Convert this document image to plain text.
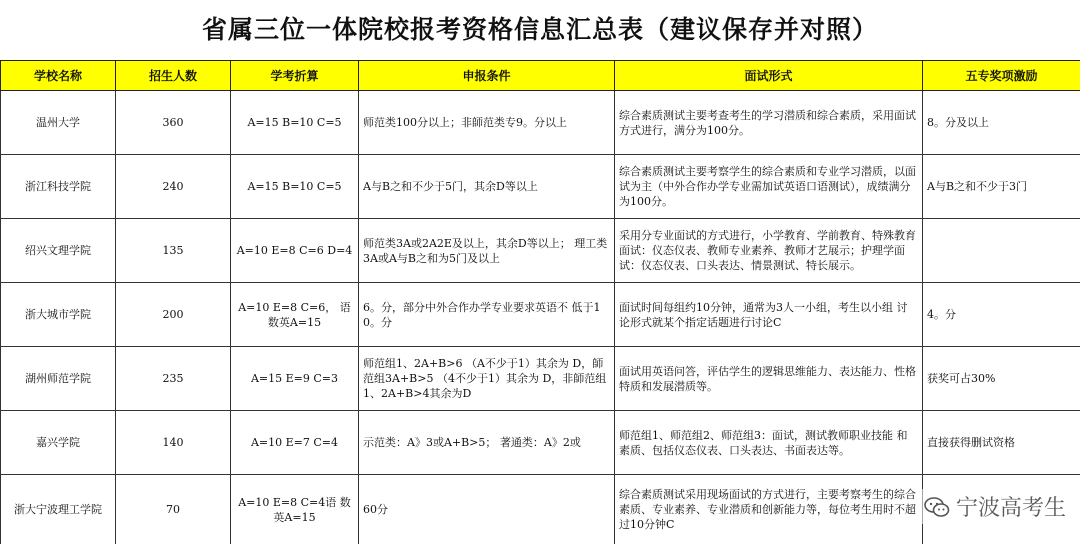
省属三位一体院校报考资格信息汇总表（建议保存并对照）
学校名称	招生人数	学考折算	申报条件	面试形式	五专奖项激励
温州大学	360	A=15 B=10 C=5	师范类100分以上；非師范类专9。分以上	综合素质测试主要考查考生的学习潜质和综合素质，采用面试方式进行，满分为100分。	8。分及以上
浙江科技学院	240	A=15 B=10 C=5	A与B之和不少于5门，其余D等以上	综合素质测试主要考察学生的综合素质和专业学习潜质，以面试为主（中外合作办学专业需加试英语口语测试），成绩满分为100分。	A与B之和不少于3门
绍兴文理学院	135	A=10 E=8 C=6 D=4	师范类3A或2A2E及以上，其余D等以上； 理工类3A或A与B之和为5门及以上	采用分专业面试的方式进行，小学教育、学前教育、特殊教育面试：仪态仪表、教师专业素养、教师才艺展示；护理学面试：仪态仪表、口头表达、情景测试、特长展示。	
浙大城市学院	200	A=10 E=8 C=6， 语数英A=15	6。分，部分中外合作办学专业要求英语不 低于10。分	面试时间每组约10分钟，通常为3人一小组，考生以小组 讨论形式就某个指定话题进行讨论C	4。分
湖州师范学院	235	A=15 E=9 C=3	师范组1、2A+B>6 （A不少于1）其余为 D，師范组3A+B>5 （4不少于1）其余为 D，非師范组1、2A+B>4其余为D	面试用英语问答，评估学生的逻辑思维能力、表达能力、性格特质和发展潜质等。	获奖可占30%
嘉兴学院	140	A=10 E=7 C=4	示范类：A》3或A+B>5； 著通类：A》2或	师范组1、师范组2、师范组3：面试，测试教师职业技能 和素质、包括仪态仪表、口头表达、书面表达等。	直接获得删试资格
浙大宁波理工学院	70	A=10 E=8 C=4语 数英A=15	60分	综合素质测试采用现场面试的方式进行，主要考察考生的综合素质、专业素养、专业潜质和创新能力等，每位考生用时不超过10分钟C	
宁波高考生
